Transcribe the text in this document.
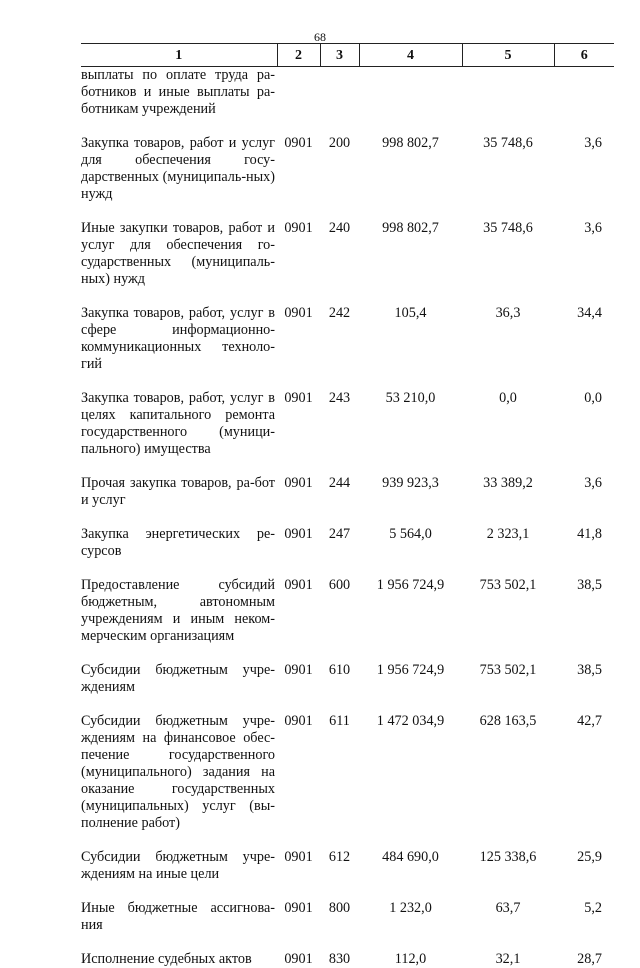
68
1	2	3	4	5	6
выплаты по оплате труда ра-ботников и иные выплаты ра-ботникам учреждений					

Закупка товаров, работ и услуг для обеспечения госу-дарственных (муниципаль-ных) нужд	0901	200	998 802,7	35 748,6	3,6

Иные закупки товаров, работ и услуг для обеспечения го-сударственных (муниципаль-ных) нужд	0901	240	998 802,7	35 748,6	3,6

Закупка товаров, работ, услуг в сфере информационно-коммуникационных техноло-гий	0901	242	105,4	36,3	34,4

Закупка товаров, работ, услуг в целях капитального ремонта государственного (муници-пального) имущества	0901	243	53 210,0	0,0	0,0

Прочая закупка товаров, ра-бот и услуг	0901	244	939 923,3	33 389,2	3,6

Закупка энергетических ре-сурсов	0901	247	5 564,0	2 323,1	41,8

Предоставление субсидий бюджетным, автономным учреждениям и иным неком-мерческим организациям	0901	600	1 956 724,9	753 502,1	38,5

Субсидии бюджетным учре-ждениям	0901	610	1 956 724,9	753 502,1	38,5

Субсидии бюджетным учре-ждениям на финансовое обес-печение государственного (муниципального) задания на оказание государственных (муниципальных) услуг (вы-полнение работ)	0901	611	1 472 034,9	628 163,5	42,7

Субсидии бюджетным учре-ждениям на иные цели	0901	612	484 690,0	125 338,6	25,9

Иные бюджетные ассигнова-ния	0901	800	1 232,0	63,7	5,2

Исполнение судебных актов	0901	830	112,0	32,1	28,7
